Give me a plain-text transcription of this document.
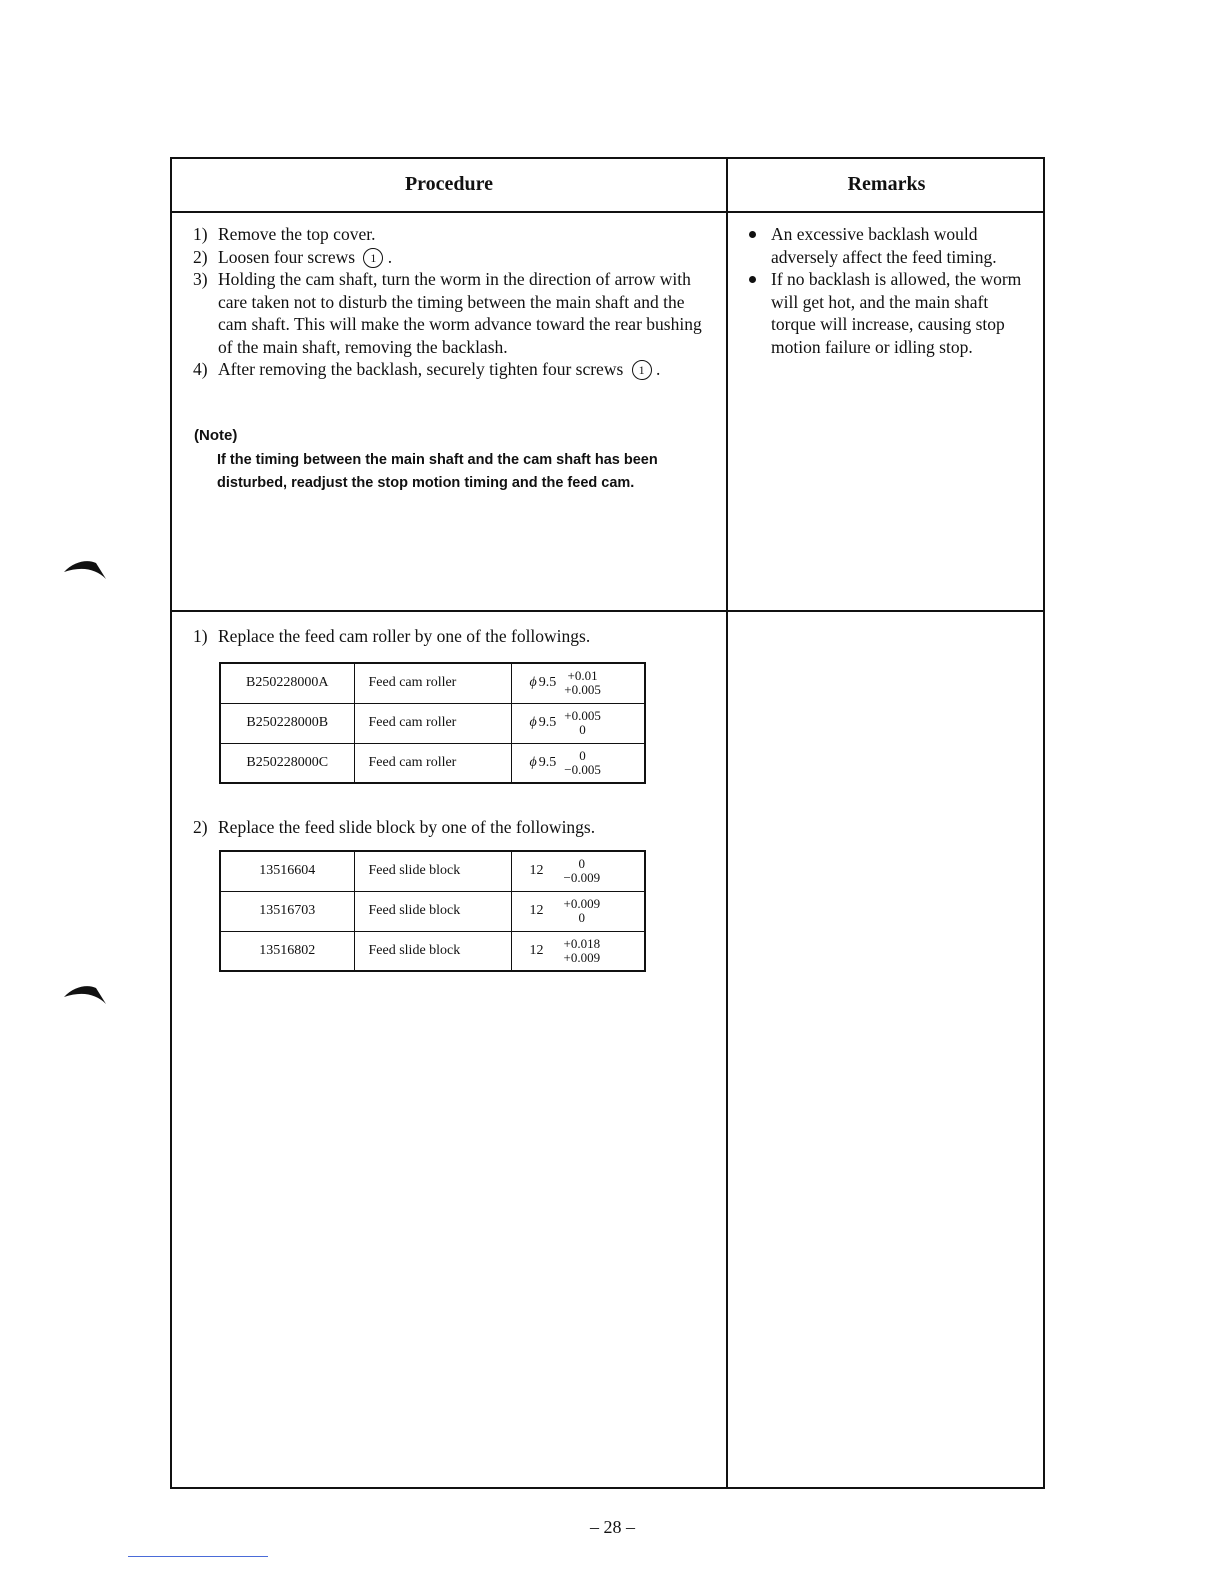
Procedure	Remarks
1) Remove the top cover.
2) Loosen four screws 1 .
3) Holding the cam shaft, turn the worm in the direction of arrow with care taken not to disturb the timing between the main shaft and the cam shaft. This will make the worm advance toward the rear bushing of the main shaft, removing the backlash.
4) After removing the backlash, securely tighten four screws 1 .
(Note)
If the timing between the main shaft and the cam shaft has been disturbed, readjust the stop motion timing and the feed cam.
An excessive backlash would adversely affect the feed timing.
If no backlash is allowed, the worm will get hot, and the main shaft torque will increase, causing stop motion failure or idling stop.
1) Replace the feed cam roller by one of the followings.
B250228000A	Feed cam roller	ϕ 9.5 +0.01
+0.005

B250228000B	Feed cam roller	ϕ 9.5 +0.005
0

B250228000C	Feed cam roller	ϕ 9.5 0
−0.005
2) Replace the feed slide block by one of the followings.
13516604	Feed slide block	12 0
−0.009

13516703	Feed slide block	12 +0.009
0

13516802	Feed slide block	12 +0.018
+0.009
– 28 –
